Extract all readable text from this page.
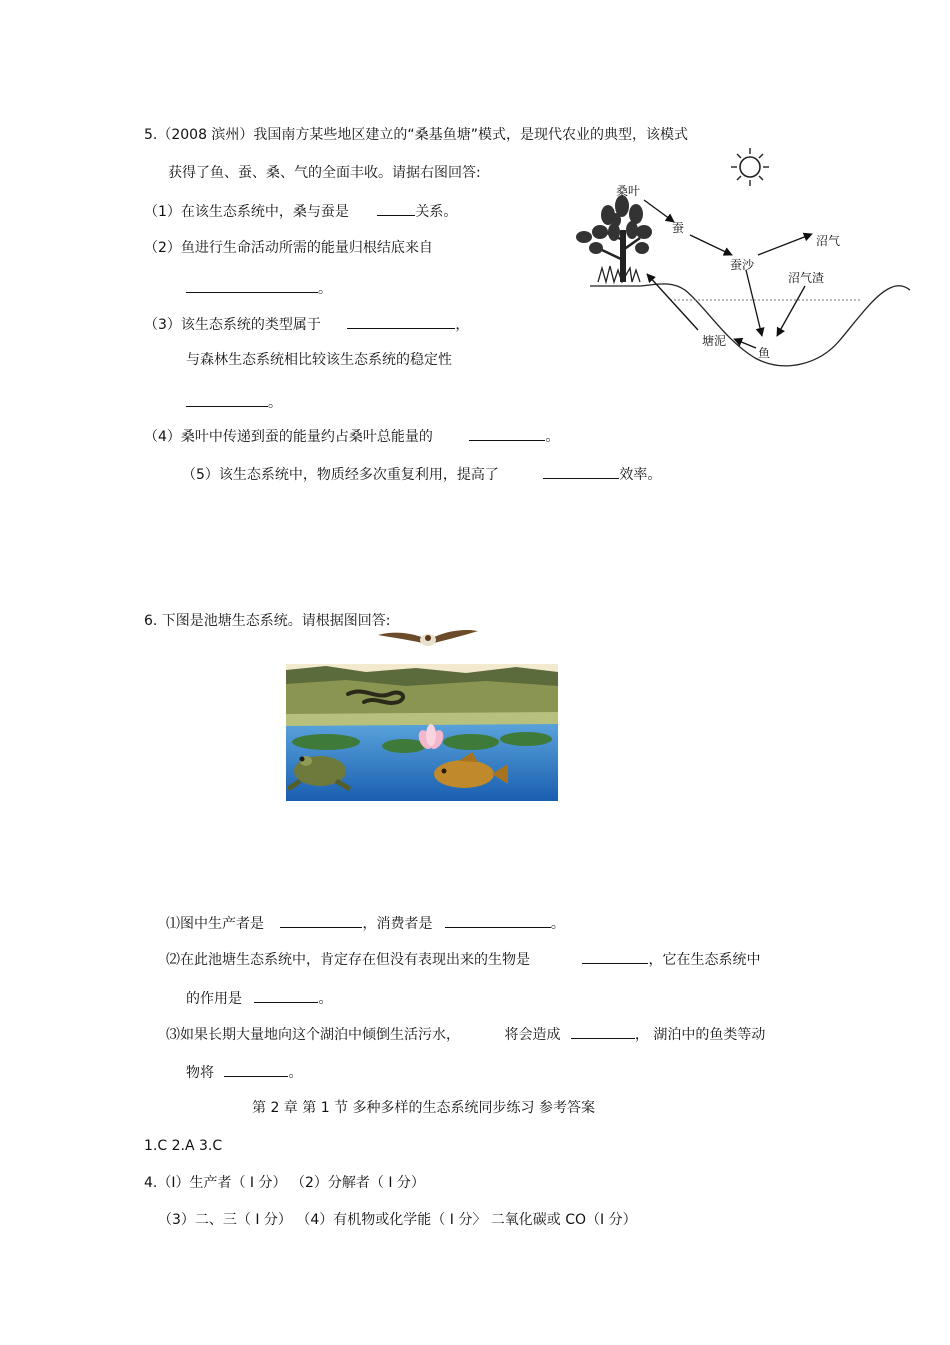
5.（2008 滨州）我国南方某些地区建立的“桑基鱼塘”模式，是现代农业的典型，该模式
获得了鱼、蚕、桑、气的全面丰收。请据右图回答:
（1）在该生态系统中，桑与蚕是	关系。
（2）鱼进行生命活动所需的能量归根结底来自
。
（3）该生态系统的类型属于	，
与森林生态系统相比较该生态系统的稳定性
。
（4）桑叶中传递到蚕的能量约占桑叶总能量的	。
（5）该生态系统中，物质经多次重复利用，提高了	效率。
桑叶
蚕
蚕沙
沼气
沼气渣
塘泥
鱼
6. 下图是池塘生态系统。请根据图回答:
⑴图中生产者是	，消费者是	。
⑵在此池塘生态系统中，肯定存在但没有表现出来的生物是	，它在生态系统中
的作用是	。
⑶如果长期大量地向这个湖泊中倾倒生活污水，	将会造成	， 湖泊中的鱼类等动
物将	。
第 2 章 第 1 节 多种多样的生态系统同步练习 参考答案
1.C 2.A 3.C
4.（I）生产者（ I 分） （2）分解者（ I 分）
（3）二、三（ I 分） （4）有机物或化学能（ I 分〉 二氧化碳或 CO（I 分）
